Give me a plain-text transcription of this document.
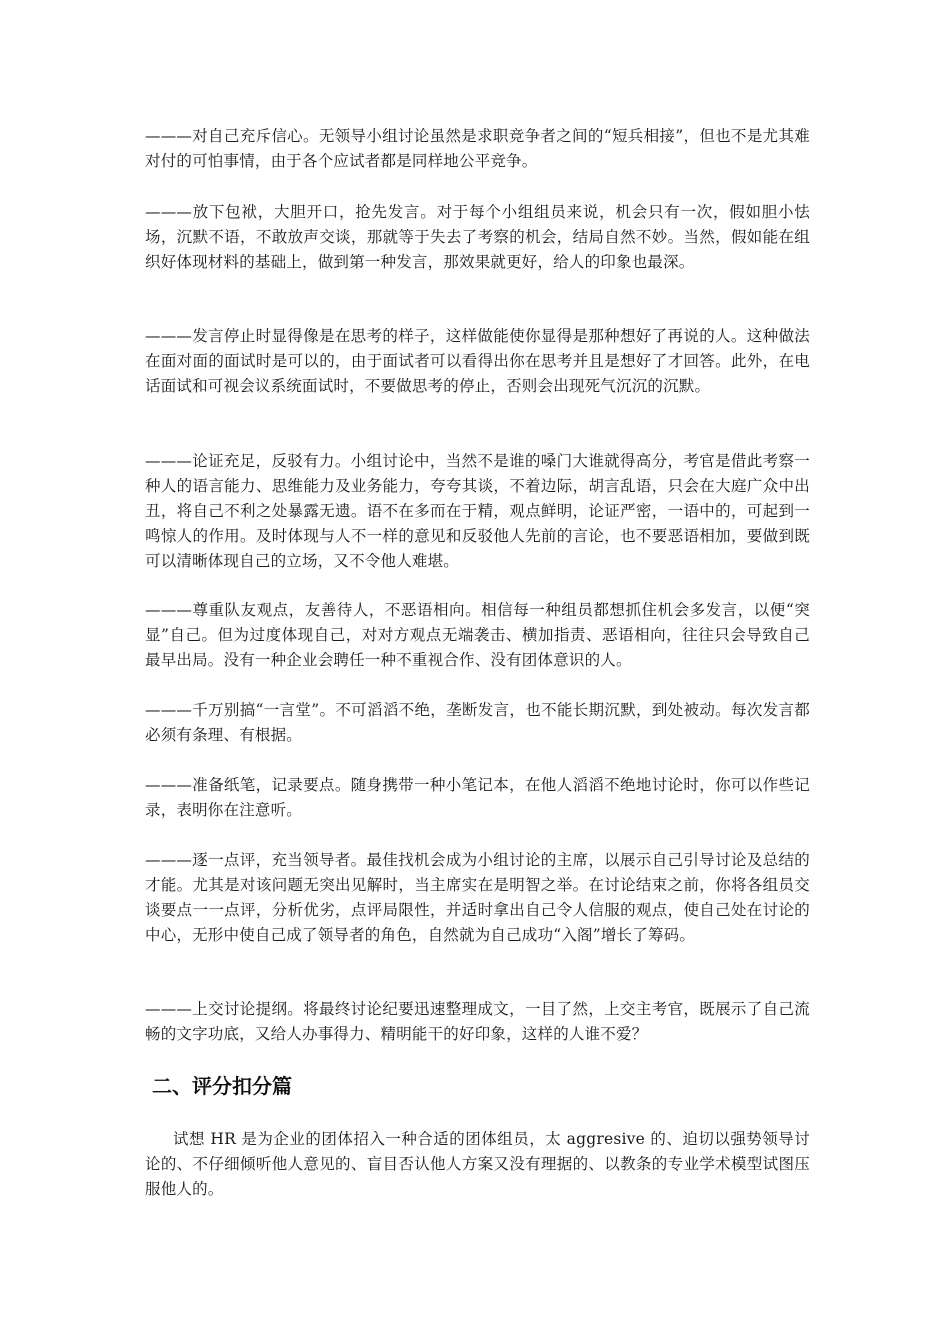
———对自己充斥信心。无领导小组讨论虽然是求职竞争者之间的“短兵相接”，但也不是尤其难对付的可怕事情，由于各个应试者都是同样地公平竞争。

———放下包袱，大胆开口，抢先发言。对于每个小组组员来说，机会只有一次，假如胆小怯场，沉默不语，不敢放声交谈，那就等于失去了考察的机会，结局自然不妙。当然，假如能在组织好体现材料的基础上，做到第一种发言，那效果就更好，给人的印象也最深。

———发言停止时显得像是在思考的样子，这样做能使你显得是那种想好了再说的人。这种做法在面对面的面试时是可以的，由于面试者可以看得出你在思考并且是想好了才回答。此外，在电话面试和可视会议系统面试时，不要做思考的停止，否则会出现死气沉沉的沉默。

———论证充足，反驳有力。小组讨论中，当然不是谁的嗓门大谁就得高分，考官是借此考察一种人的语言能力、思维能力及业务能力，夸夸其谈，不着边际，胡言乱语，只会在大庭广众中出丑，将自己不利之处暴露无遗。语不在多而在于精，观点鲜明，论证严密，一语中的，可起到一鸣惊人的作用。及时体现与人不一样的意见和反驳他人先前的言论，也不要恶语相加，要做到既可以清晰体现自己的立场，又不令他人难堪。

———尊重队友观点，友善待人，不恶语相向。相信每一种组员都想抓住机会多发言，以便“突显”自己。但为过度体现自己，对对方观点无端袭击、横加指责、恶语相向，往往只会导致自己最早出局。没有一种企业会聘任一种不重视合作、没有团体意识的人。

———千万别搞“一言堂”。不可滔滔不绝，垄断发言，也不能长期沉默，到处被动。每次发言都必须有条理、有根据。

———准备纸笔，记录要点。随身携带一种小笔记本，在他人滔滔不绝地讨论时，你可以作些记录，表明你在注意听。

———逐一点评，充当领导者。最佳找机会成为小组讨论的主席，以展示自己引导讨论及总结的才能。尤其是对该问题无突出见解时，当主席实在是明智之举。在讨论结束之前，你将各组员交谈要点一一点评，分析优劣，点评局限性，并适时拿出自己令人信服的观点，使自己处在讨论的中心，无形中使自己成了领导者的角色，自然就为自己成功“入阁”增长了筹码。

———上交讨论提纲。将最终讨论纪要迅速整理成文，一目了然，上交主考官，既展示了自己流畅的文字功底，又给人办事得力、精明能干的好印象，这样的人谁不爱？

二、评分扣分篇

试想 HR 是为企业的团体招入一种合适的团体组员，太 aggresive 的、迫切以强势领导讨论的、不仔细倾听他人意见的、盲目否认他人方案又没有理据的、以教条的专业学术模型试图压服他人的。
